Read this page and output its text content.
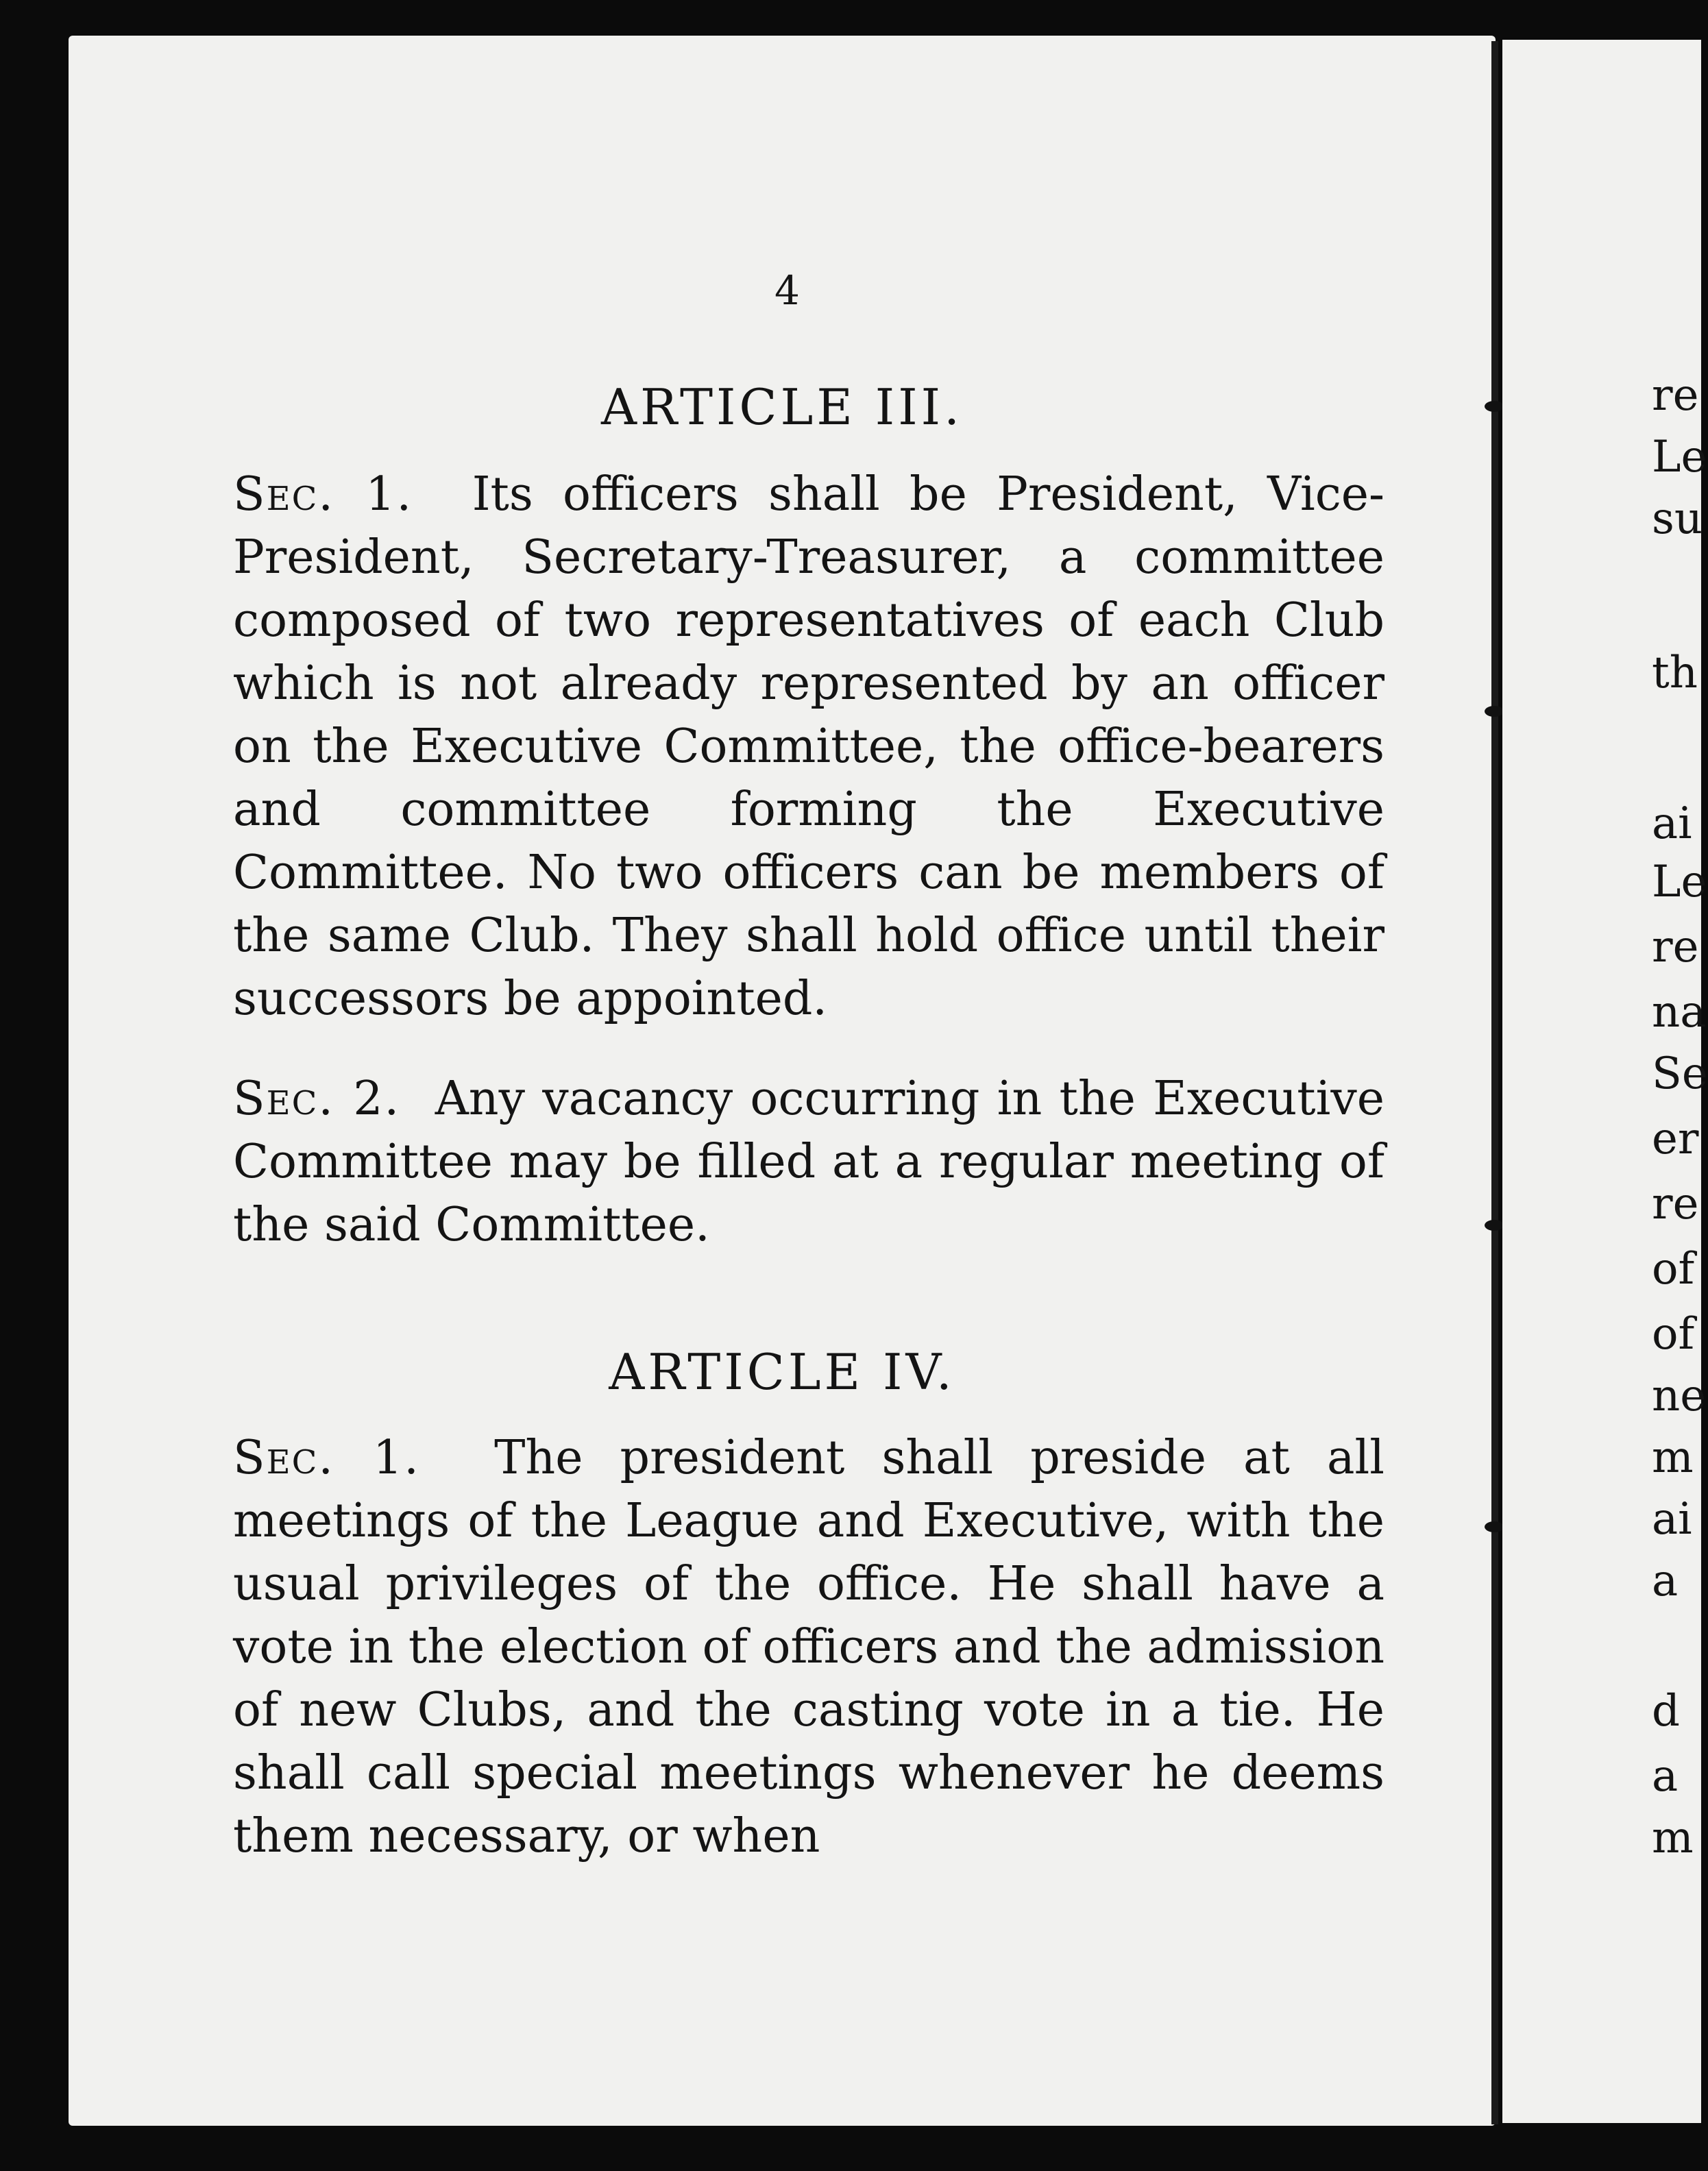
4
ARTICLE III.

Sec. 1. Its officers shall be President, Vice-President, Secretary-Treasurer, a committee composed of two representatives of each Club which is not already represented by an officer on the Executive Committee, the office-bearers and committee forming the Executive Committee. No two officers can be members of the same Club. They shall hold office until their successors be appointed.

Sec. 2. Any vacancy occurring in the Executive Committee may be filled at a regular meeting of the said Committee.

ARTICLE IV.

Sec. 1. The president shall preside at all meetings of the League and Executive, with the usual privileges of the office. He shall have a vote in the election of officers and the admission of new Clubs, and the casting vote in a tie. He shall call special meetings whenever he deems them necessary, or when

re
Le
su
th
ai
Le
re
na
Se
er
re
of
of
ne
m
ai
a
d
a
m
